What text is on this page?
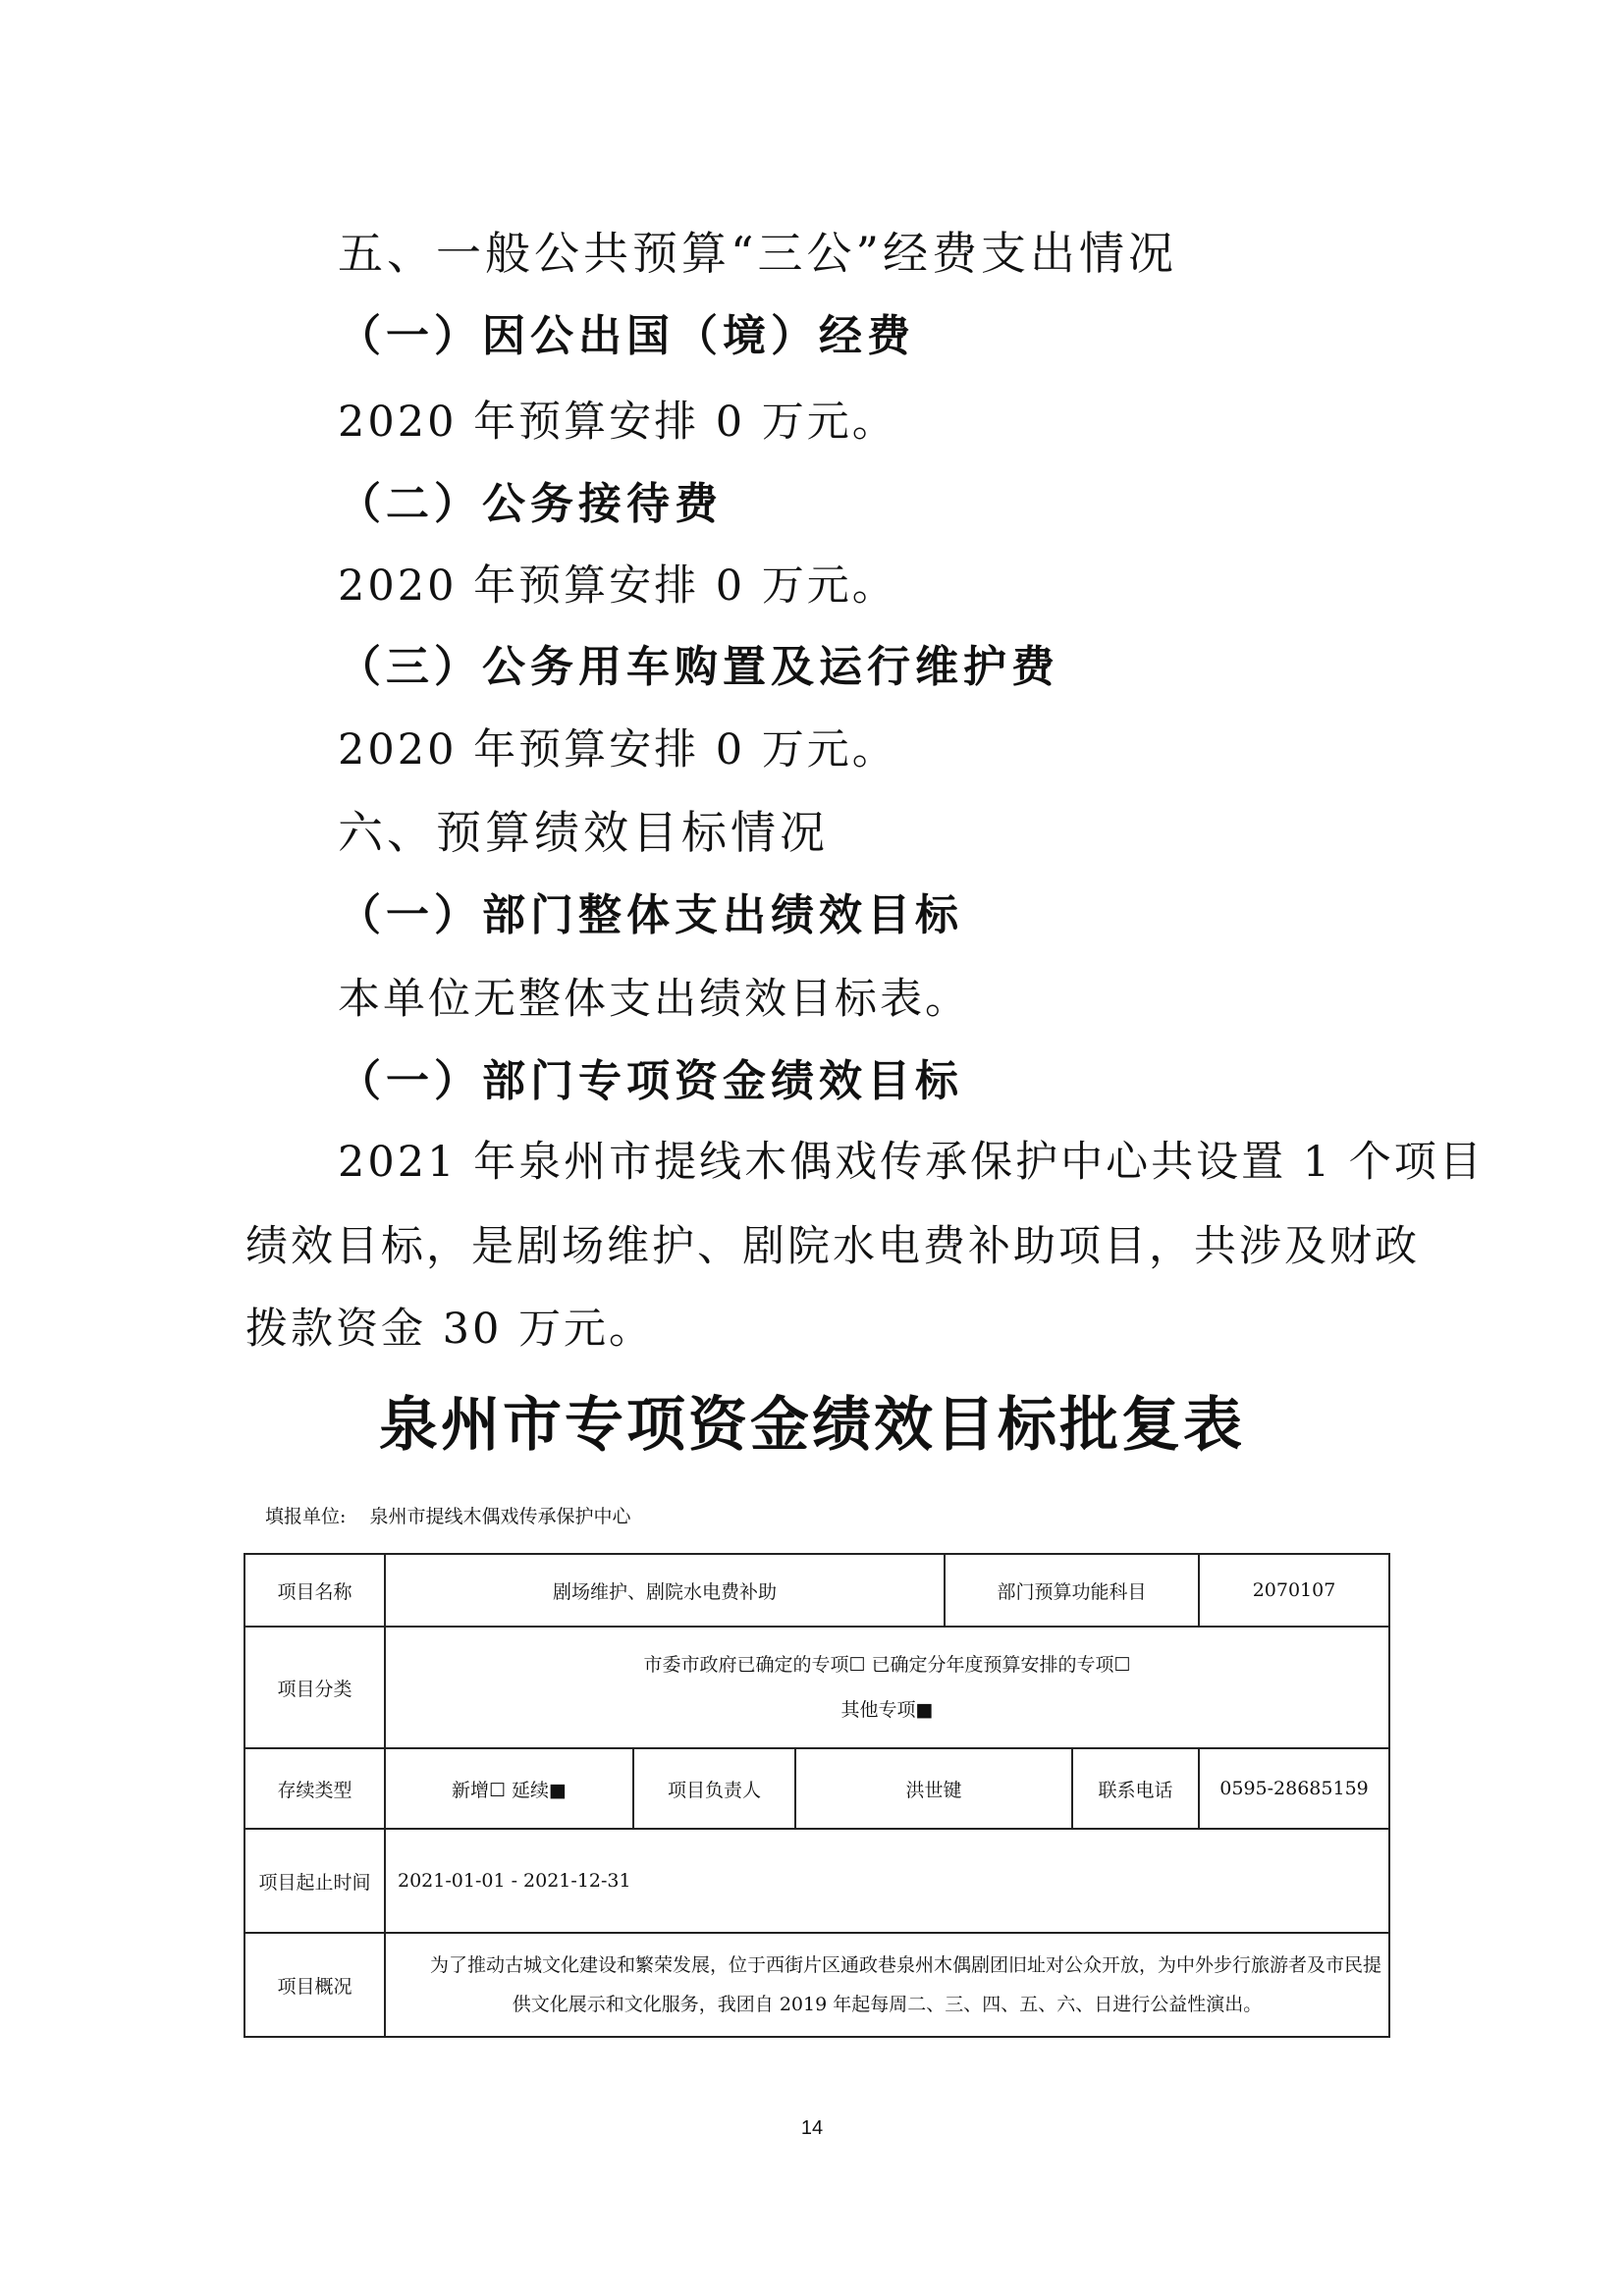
五、一般公共预算“三公”经费支出情况
（一）因公出国（境）经费
2020 年预算安排 0 万元。
（二）公务接待费
2020 年预算安排 0 万元。
（三）公务用车购置及运行维护费
2020 年预算安排 0 万元。
六、预算绩效目标情况
（一）部门整体支出绩效目标
本单位无整体支出绩效目标表。
（一）部门专项资金绩效目标
2021 年泉州市提线木偶戏传承保护中心共设置 1 个项目
绩效目标，是剧场维护、剧院水电费补助项目，共涉及财政
拨款资金 30 万元。
泉州市专项资金绩效目标批复表
填报单位: 泉州市提线木偶戏传承保护中心
项目名称	剧场维护、剧院水电费补助			部门预算功能科目		2070107
项目分类	市委市政府已确定的专项☐ 已确定分年度预算安排的专项☐
其他专项■					

存续类型	新增☐ 延续■	项目负责人	洪世键		联系电话	0595-28685159
项目起止时间	2021-01-01 - 2021-12-31					
项目概况	为了推动古城文化建设和繁荣发展，位于西街片区通政巷泉州木偶剧团旧址对公众开放，为中外步行旅游者及市民提供文化展示和文化服务，我团自 2019 年起每周二、三、四、五、六、日进行公益性演出。					
14
